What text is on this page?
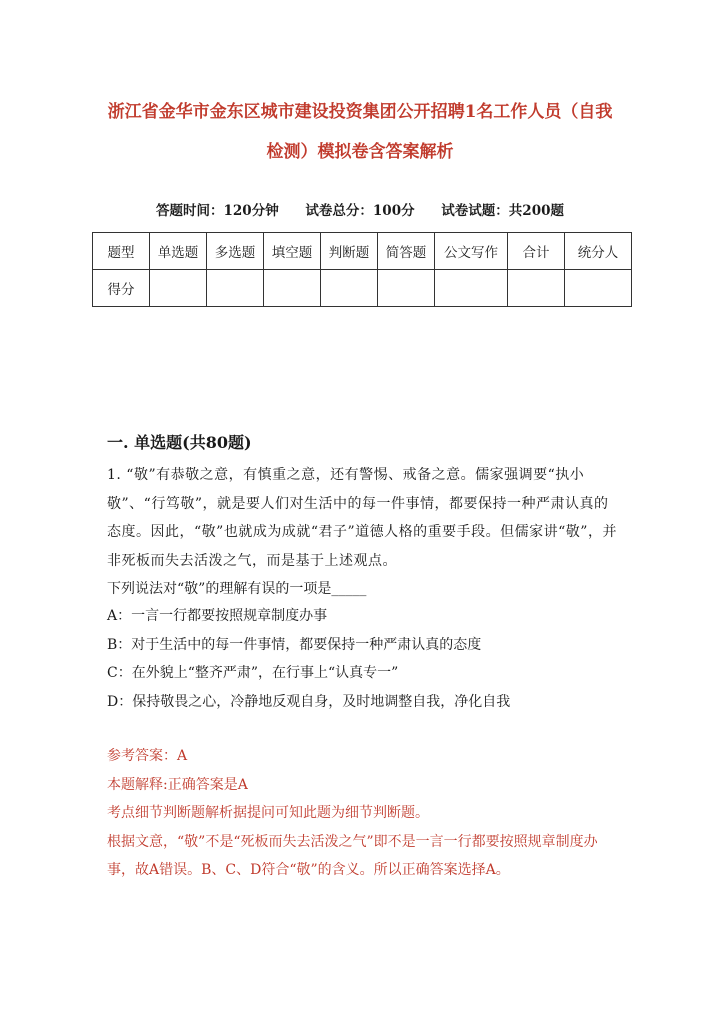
浙江省金华市金东区城市建设投资集团公开招聘1名工作人员（自我检测）模拟卷含答案解析
答题时间：120分钟 试卷总分：100分 试卷试题：共200题
题型	单选题	多选题	填空题	判断题	简答题	公文写作	合计	统分人
得分								
一. 单选题(共80题)

1. “敬”有恭敬之意，有慎重之意，还有警惕、戒备之意。儒家强调要“执小敬”、“行笃敬”，就是要人们对生活中的每一件事情，都要保持一种严肃认真的态度。因此，“敬”也就成为成就“君子”道德人格的重要手段。但儒家讲“敬”，并非死板而失去活泼之气，而是基于上述观点。

下列说法对“敬”的理解有误的一项是_____

A：一言一行都要按照规章制度办事
B：对于生活中的每一件事情，都要保持一种严肃认真的态度
C：在外貌上“整齐严肃”，在行事上“认真专一”
D：保持敬畏之心，冷静地反观自身，及时地调整自我，净化自我

参考答案：A

本题解释:正确答案是A

考点细节判断题解析据提问可知此题为细节判断题。

根据文意，“敬”不是“死板而失去活泼之气”即不是一言一行都要按照规章制度办事，故A错误。B、C、D符合“敬”的含义。所以正确答案选择A。
